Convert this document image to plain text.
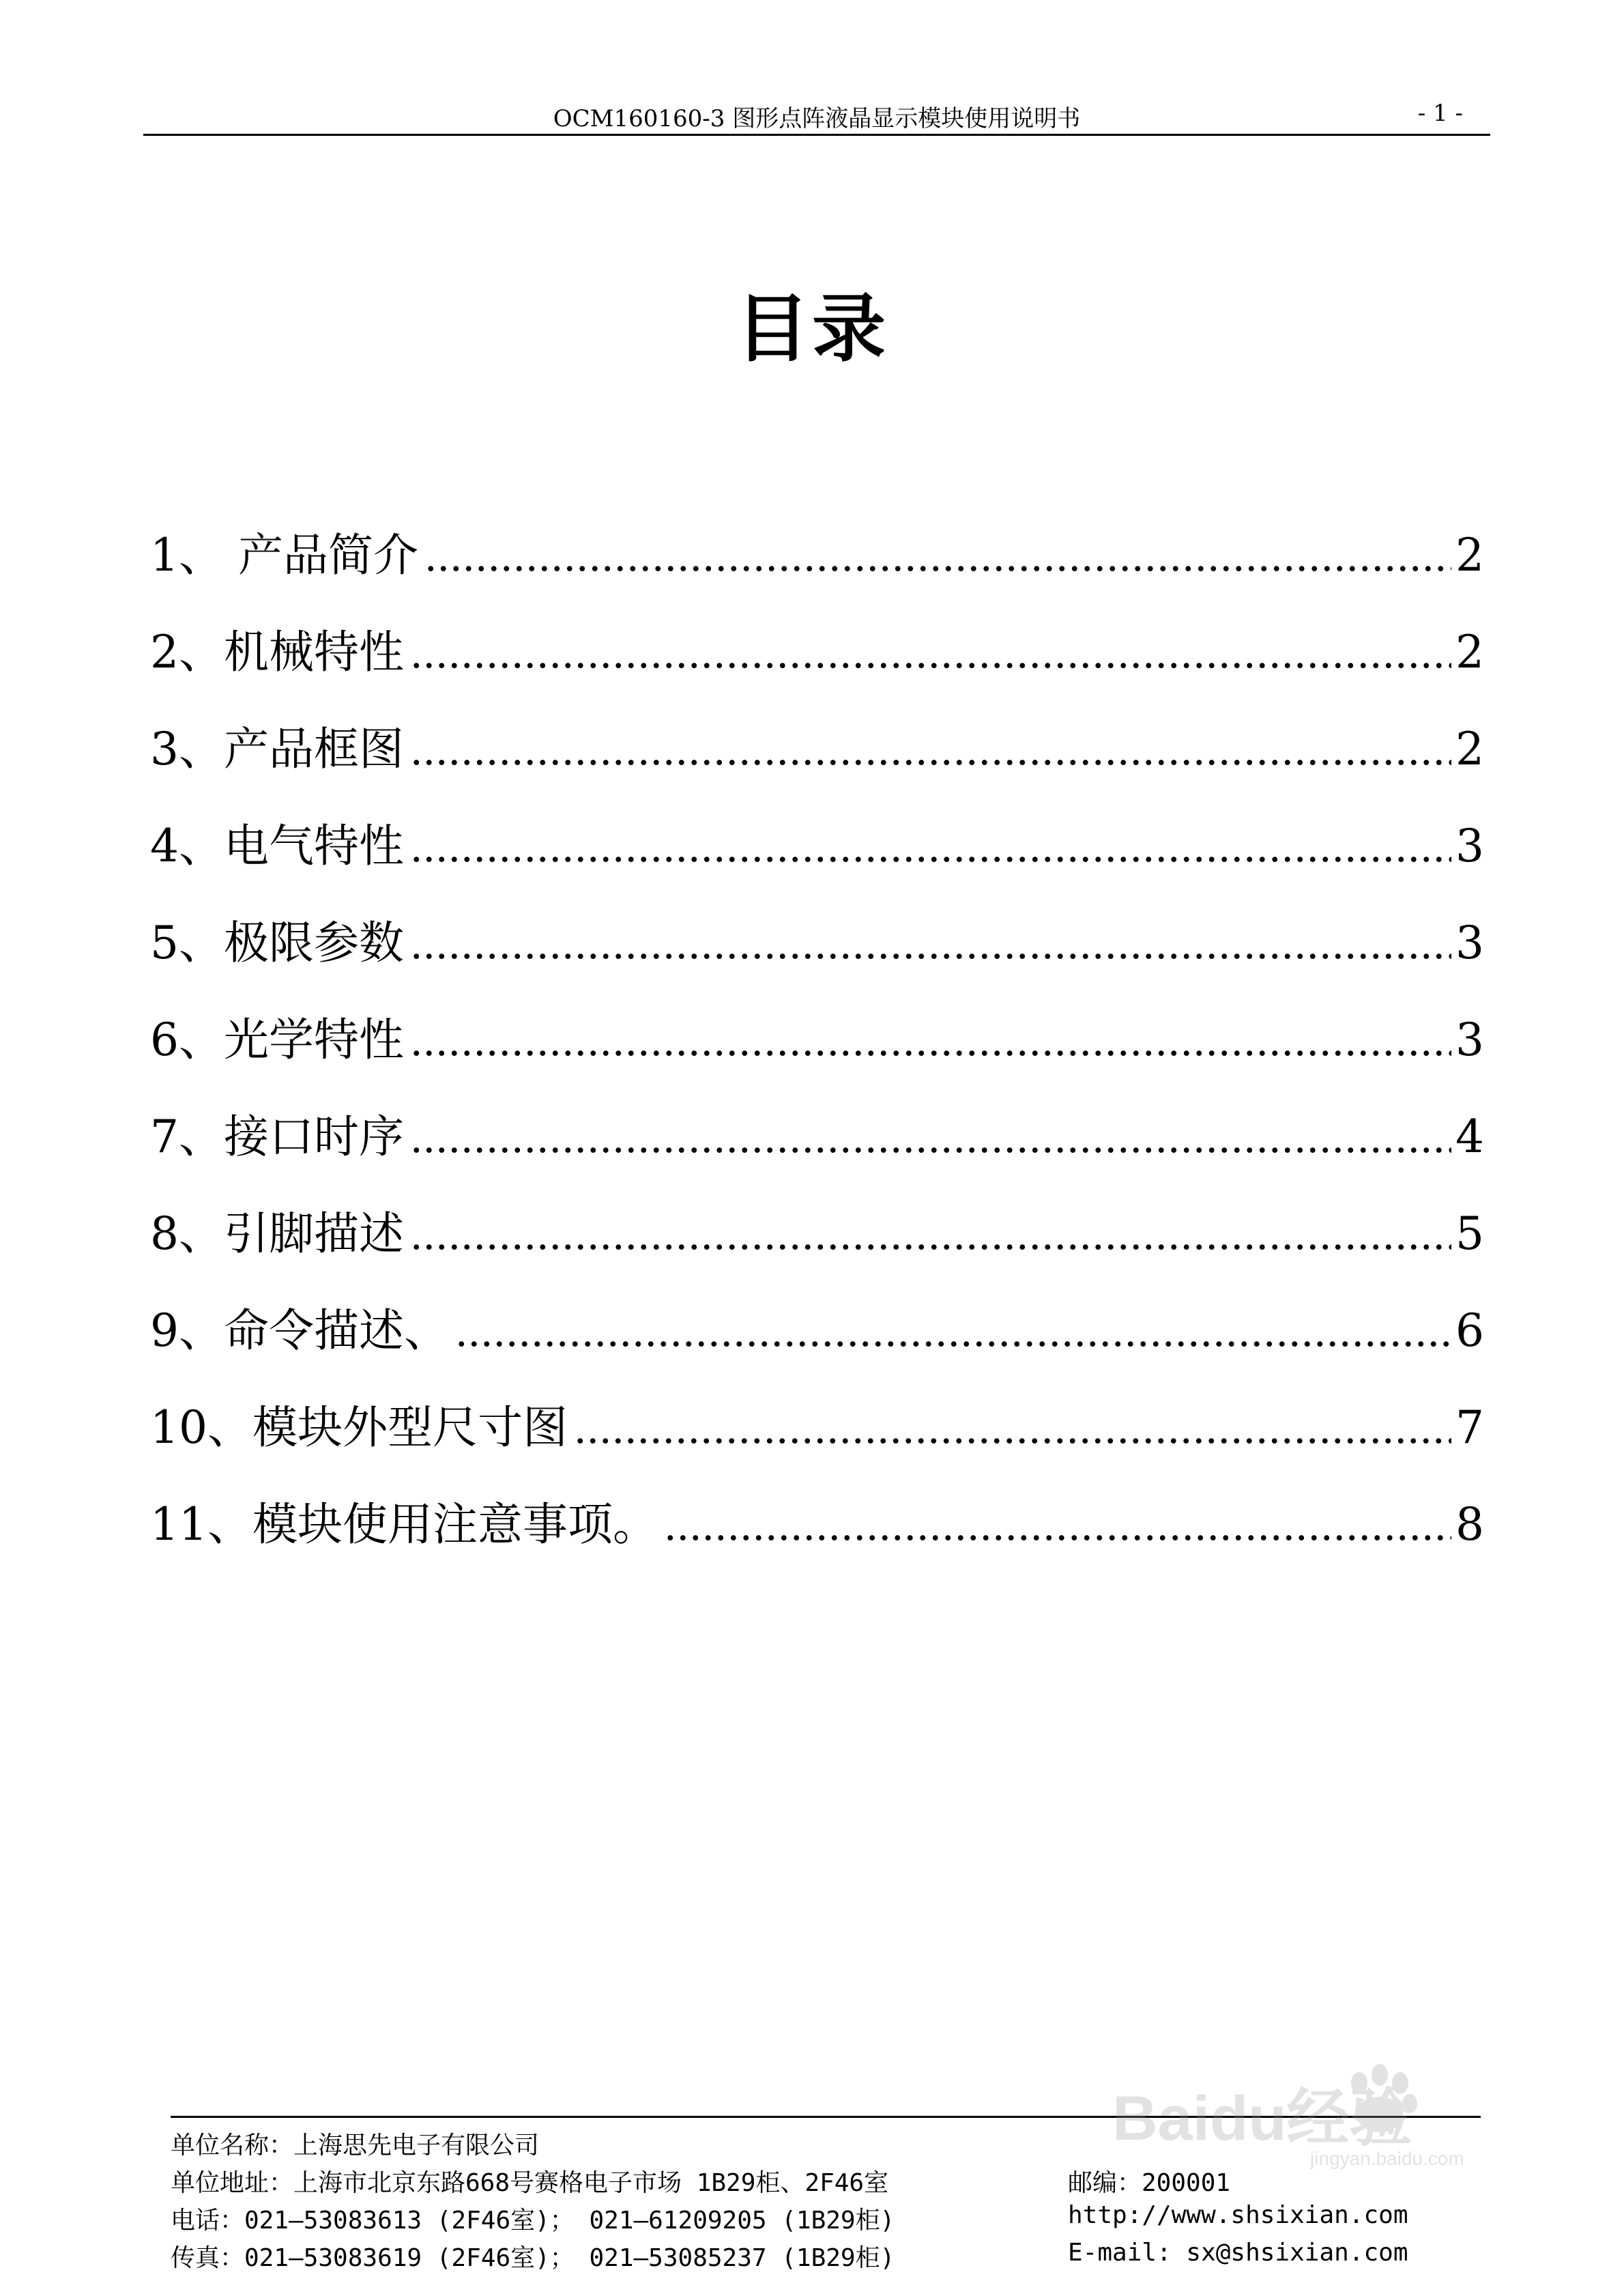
OCM160160-3 图形点阵液晶显示模块使用说明书	- 1 -
目录
1、 产品简介 .....	2
2、机械特性 .....	2
3、产品框图 .....	2
4、电气特性 .....	3
5、极限参数 .....	3
6、光学特性 .....	3
7、接口时序 .....	4
8、引脚描述 .....	5
9、命令描述、 .....	6
10、模块外型尺寸图 .....	7
11、模块使用注意事项。 .....	8
单位名称：上海思先电子有限公司
单位地址：上海市北京东路668号赛格电子市场 1B29柜、2F46室	邮编：200001
电话：021—53083613 (2F46室)； 021—61209205 (1B29柜)	http://www.shsixian.com
传真：021—53083619 (2F46室)； 021—53085237 (1B29柜)	E-mail: sx@shsixian.com
Baidu经验
jingyan.baidu.com
